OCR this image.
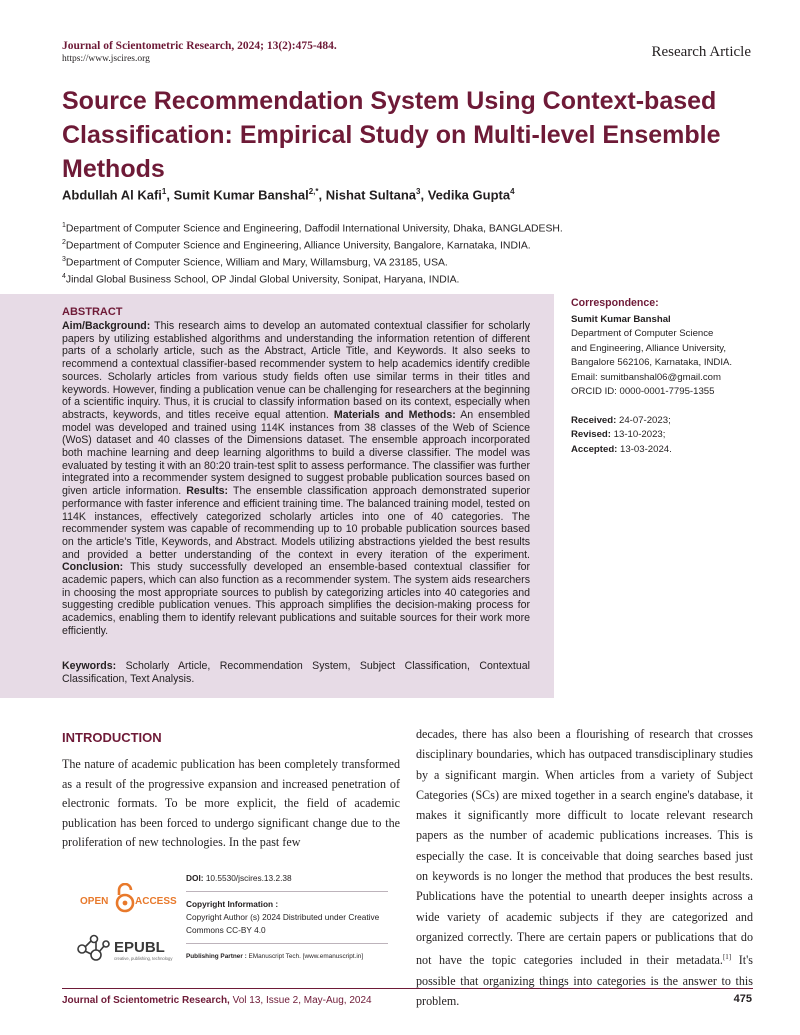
Journal of Scientometric Research, 2024; 13(2):475-484.
https://www.jscires.org	Research Article
Source Recommendation System Using Context-based Classification: Empirical Study on Multi-level Ensemble Methods
Abdullah Al Kafi$^1$, Sumit Kumar Banshal$^{2,*}$, Nishat Sultana$^3$, Vedika Gupta$^4$
$^1$Department of Computer Science and Engineering, Daffodil International University, Dhaka, BANGLADESH.
$^2$Department of Computer Science and Engineering, Alliance University, Bangalore, Karnataka, INDIA.
$^3$Department of Computer Science, William and Mary, Willamsburg, VA 23185, USA.
$^4$Jindal Global Business School, OP Jindal Global University, Sonipat, Haryana, INDIA.
ABSTRACT
Aim/Background: This research aims to develop an automated contextual classifier for scholarly papers by utilizing established algorithms and understanding the information retention of different parts of a scholarly article, such as the Abstract, Article Title, and Keywords. It also seeks to recommend a contextual classifier-based recommender system to help academics identify credible sources. Scholarly articles from various study fields often use similar terms in their titles and keywords. However, finding a publication venue can be challenging for researchers at the beginning of a scientific inquiry. Thus, it is crucial to classify information based on its context, especially when abstracts, keywords, and titles receive equal attention. Materials and Methods: An ensembled model was developed and trained using 114K instances from 38 classes of the Web of Science (WoS) dataset and 40 classes of the Dimensions dataset. The ensemble approach incorporated both machine learning and deep learning algorithms to build a diverse classifier. The model was evaluated by testing it with an 80:20 train-test split to assess performance. The classifier was further integrated into a recommender system designed to suggest probable publication sources based on given article information. Results: The ensemble classification approach demonstrated superior performance with faster inference and efficient training time. The balanced training model, tested on 114K instances, effectively categorized scholarly articles into one of 40 categories. The recommender system was capable of recommending up to 10 probable publication sources based on the article's Title, Keywords, and Abstract. Models utilizing abstractions yielded the best results and provided a better understanding of the context in every iteration of the experiment. Conclusion: This study successfully developed an ensemble-based contextual classifier for academic papers, which can also function as a recommender system. The system aids researchers in choosing the most appropriate sources to publish by categorizing articles into 40 categories and suggesting credible publication venues. This approach simplifies the decision-making process for academics, enabling them to identify relevant publications and suitable sources for their work more efficiently.
Keywords: Scholarly Article, Recommendation System, Subject Classification, Contextual Classification, Text Analysis.
Correspondence:
Sumit Kumar Banshal
Department of Computer Science
and Engineering, Alliance University,
Bangalore 562106, Karnataka, INDIA.
Email: sumitbanshal06@gmail.com
ORCID ID: 0000-0001-7795-1355
Received: 24-07-2023;
Revised: 13-10-2023;
Accepted: 13-03-2024.
INTRODUCTION
The nature of academic publication has been completely transformed as a result of the progressive expansion and increased penetration of electronic formats. To be more explicit, the field of academic publication has been forced to undergo significant change due to the proliferation of new technologies. In the past few
decades, there has also been a flourishing of research that crosses disciplinary boundaries, which has outpaced transdisciplinary studies by a significant margin. When articles from a variety of Subject Categories (SCs) are mixed together in a search engine's database, it makes it significantly more difficult to locate relevant research papers as the number of academic publications increases. This is especially the case. It is conceivable that doing searches based just on keywords is no longer the method that produces the best results. Publications have the potential to unearth deeper insights across a wide variety of academic subjects if they are categorized and organized correctly. There are certain papers or publications that do not have the topic categories included in their metadata.[1] It's possible that organizing things into categories is the answer to this problem.
OPEN	ACCESS
EPUBL
creative, publishing, technology
DOI: 10.5530/jscires.13.2.38
Copyright Information :
Copyright Author (s) 2024 Distributed under Creative Commons CC-BY 4.0
Publishing Partner : EManuscript Tech. [www.emanuscript.in]
Journal of Scientometric Research, Vol 13, Issue 2, May-Aug, 2024	475
